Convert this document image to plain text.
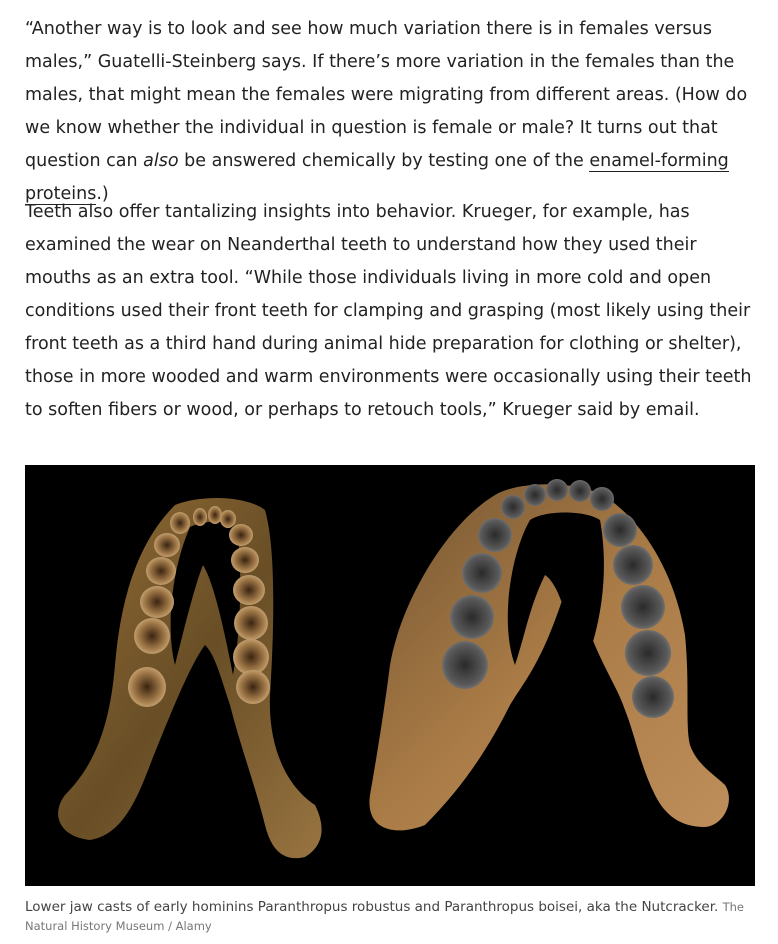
“Another way is to look and see how much variation there is in females versus males,” Guatelli-Steinberg says. If there’s more variation in the females than the males, that might mean the females were migrating from different areas. (How do we know whether the individual in question is female or male? It turns out that question can also be answered chemically by testing one of the enamel-forming proteins.)

Teeth also offer tantalizing insights into behavior. Krueger, for example, has examined the wear on Neanderthal teeth to understand how they used their mouths as an extra tool. “While those individuals living in more cold and open conditions used their front teeth for clamping and grasping (most likely using their front teeth as a third hand during animal hide preparation for clothing or shelter), those in more wooded and warm environments were occasionally using their teeth to soften fibers or wood, or perhaps to retouch tools,” Krueger said by email.

Lower jaw casts of early hominins Paranthropus robustus and Paranthropus boisei, aka the Nutcracker. The Natural History Museum / Alamy
